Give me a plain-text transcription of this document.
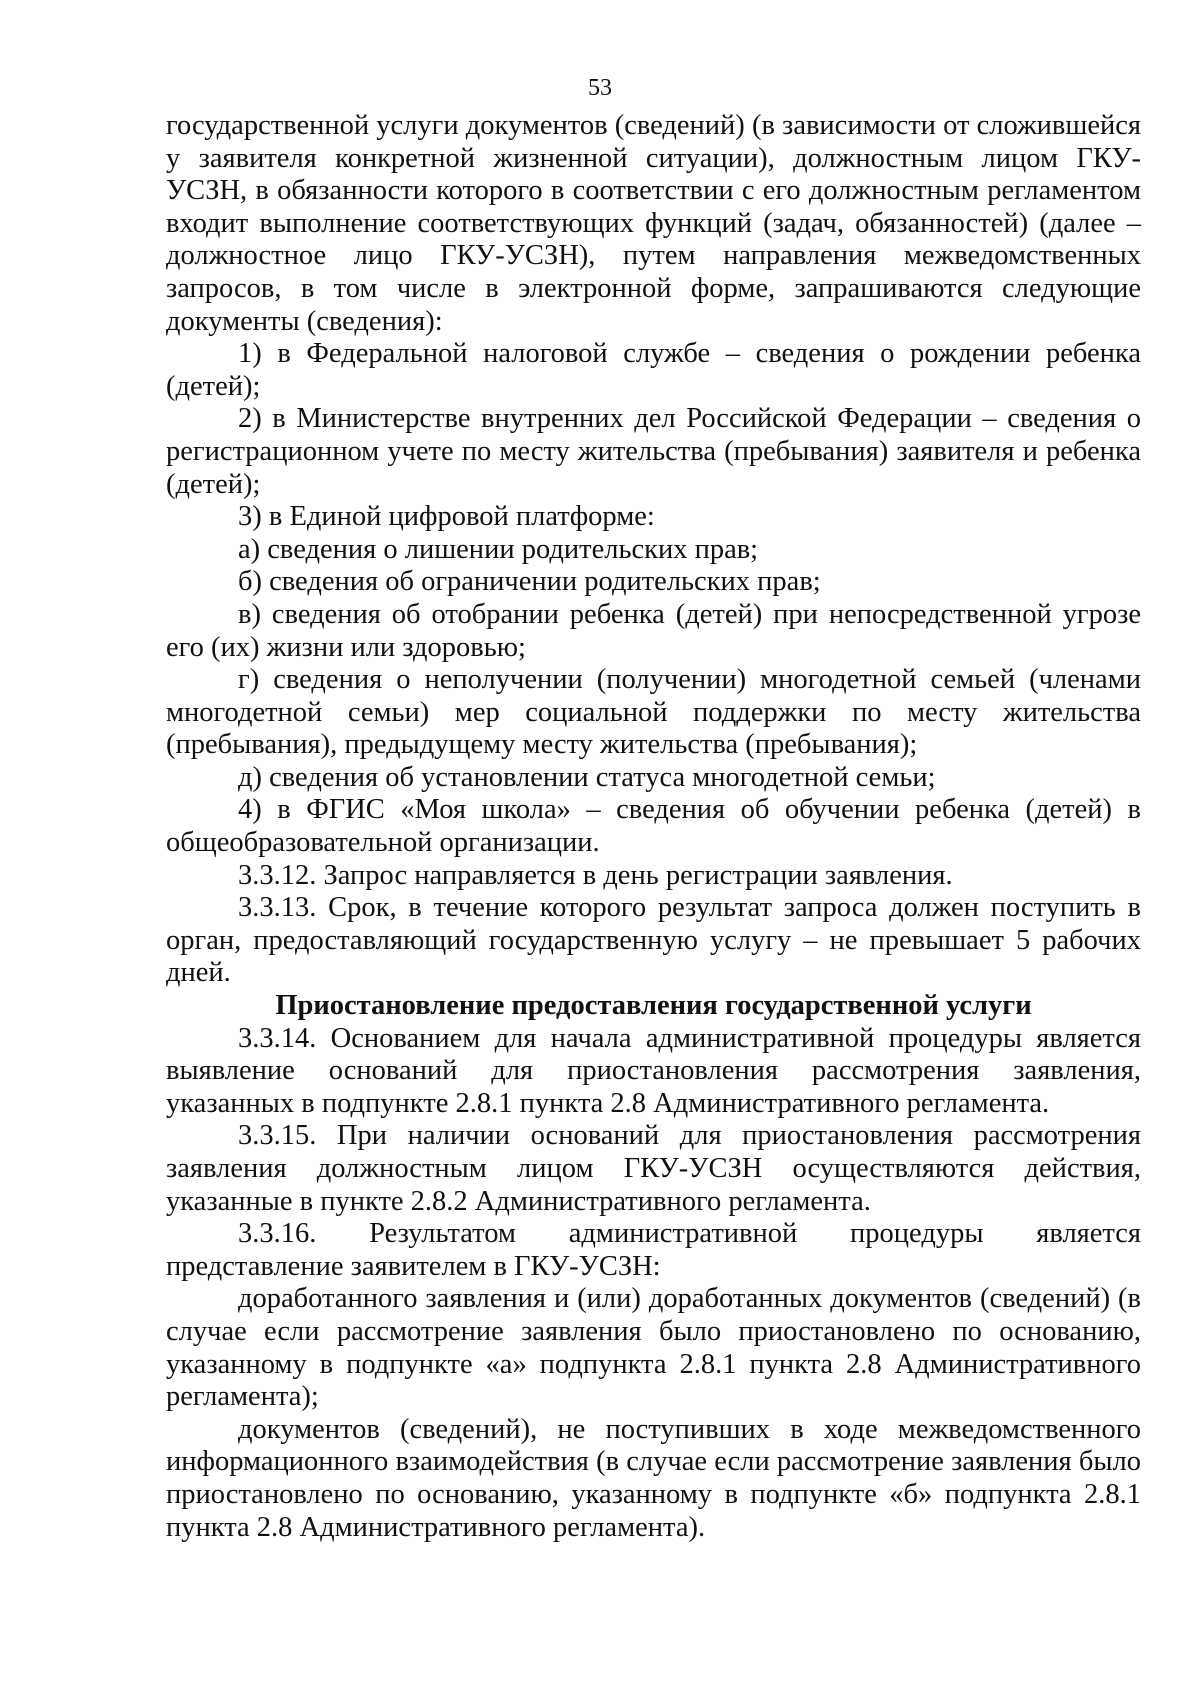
53

государственной услуги документов (сведений) (в зависимости от сложившейся у заявителя конкретной жизненной ситуации), должностным лицом ГКУ-УСЗН, в обязанности которого в соответствии с его должностным регламентом входит выполнение соответствующих функций (задач, обязанностей) (далее – должностное лицо ГКУ-УСЗН), путем направления межведомственных запросов, в том числе в электронной форме, запрашиваются следующие документы (сведения):

1) в Федеральной налоговой службе – сведения о рождении ребенка (детей);

2) в Министерстве внутренних дел Российской Федерации – сведения о регистрационном учете по месту жительства (пребывания) заявителя и ребенка (детей);

3) в Единой цифровой платформе:

а) сведения о лишении родительских прав;

б) сведения об ограничении родительских прав;

в) сведения об отобрании ребенка (детей) при непосредственной угрозе его (их) жизни или здоровью;

г) сведения о неполучении (получении) многодетной семьей (членами многодетной семьи) мер социальной поддержки по месту жительства (пребывания), предыдущему месту жительства (пребывания);

д) сведения об установлении статуса многодетной семьи;

4) в ФГИС «Моя школа» – сведения об обучении ребенка (детей) в общеобразовательной организации.

3.3.12. Запрос направляется в день регистрации заявления.

3.3.13. Срок, в течение которого результат запроса должен поступить в орган, предоставляющий государственную услугу – не превышает 5 рабочих дней.

Приостановление предоставления государственной услуги

3.3.14. Основанием для начала административной процедуры является выявление оснований для приостановления рассмотрения заявления, указанных в подпункте 2.8.1 пункта 2.8 Административного регламента.

3.3.15. При наличии оснований для приостановления рассмотрения заявления должностным лицом ГКУ-УСЗН осуществляются действия, указанные в пункте 2.8.2 Административного регламента.

3.3.16. Результатом административной процедуры является представление заявителем в ГКУ-УСЗН:

доработанного заявления и (или) доработанных документов (сведений) (в случае если рассмотрение заявления было приостановлено по основанию, указанному в подпункте «а» подпункта 2.8.1 пункта 2.8 Административного регламента);

документов (сведений), не поступивших в ходе межведомственного информационного взаимодействия (в случае если рассмотрение заявления было приостановлено по основанию, указанному в подпункте «б» подпункта 2.8.1 пункта 2.8 Административного регламента).
